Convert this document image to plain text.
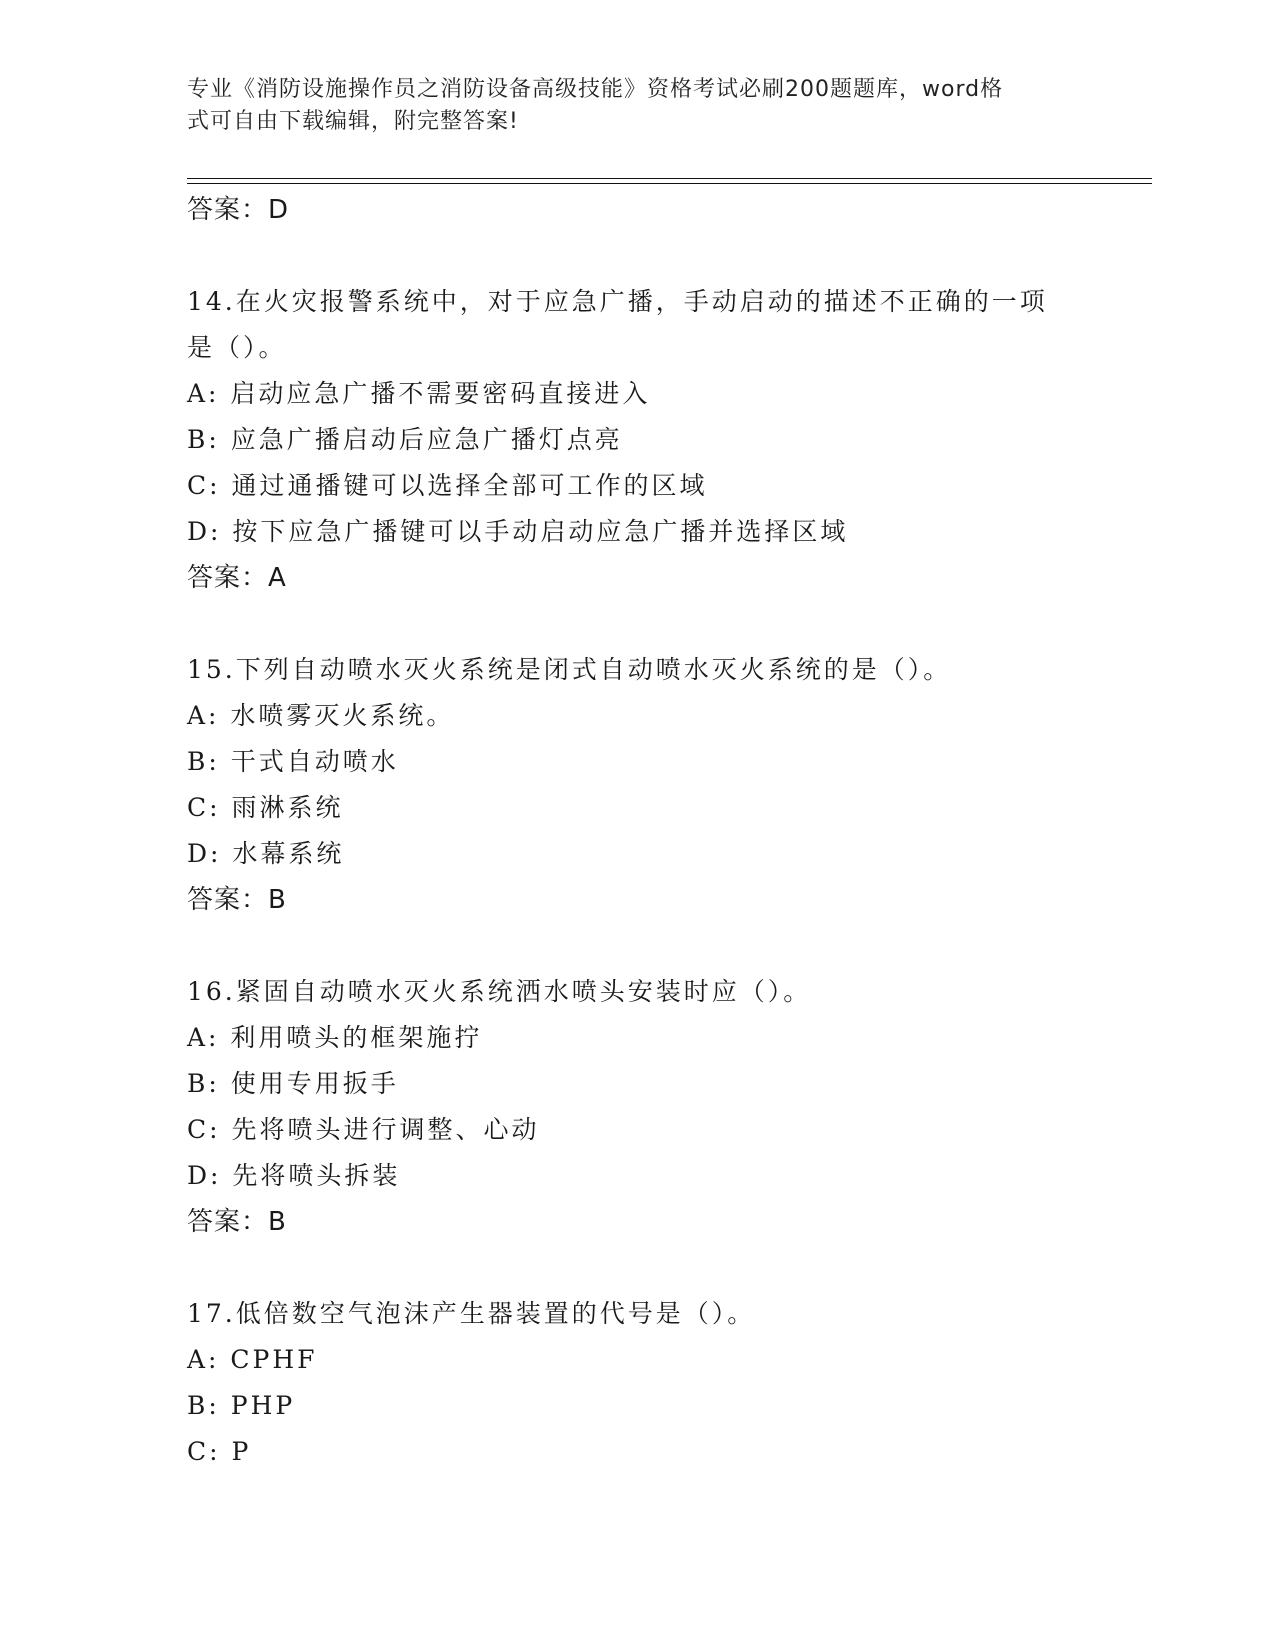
专业《消防设施操作员之消防设备高级技能》资格考试必刷200题题库，word格
式可自由下载编辑，附完整答案!
答案：D
14.在火灾报警系统中，对于应急广播，手动启动的描述不正确的一项
是（）。
A: 启动应急广播不需要密码直接进入
B: 应急广播启动后应急广播灯点亮
C: 通过通播键可以选择全部可工作的区域
D: 按下应急广播键可以手动启动应急广播并选择区域
答案：A
15.下列自动喷水灭火系统是闭式自动喷水灭火系统的是（）。
A: 水喷雾灭火系统。
B: 干式自动喷水
C: 雨淋系统
D: 水幕系统
答案：B
16.紧固自动喷水灭火系统洒水喷头安装时应（）。
A: 利用喷头的框架施拧
B: 使用专用扳手
C: 先将喷头进行调整、心动
D: 先将喷头拆装
答案：B
17.低倍数空气泡沫产生器装置的代号是（）。
A: CPHF
B: PHP
C: P
